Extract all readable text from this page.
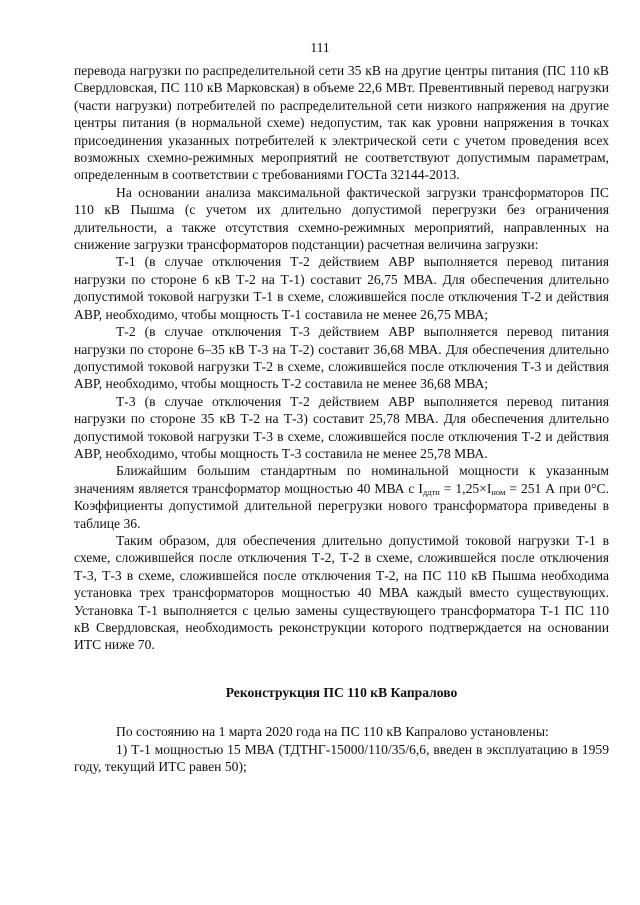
111

перевода нагрузки по распределительной сети 35 кВ на другие центры питания (ПС 110 кВ Свердловская, ПС 110 кВ Марковская) в объеме 22,6 МВт. Превентивный перевод нагрузки (части нагрузки) потребителей по распределительной сети низкого напряжения на другие центры питания (в нормальной схеме) недопустим, так как уровни напряжения в точках присоединения указанных потребителей к электрической сети с учетом проведения всех возможных схемно-режимных мероприятий не соответствуют допустимым параметрам, определенным в соответствии с требованиями ГОСТа 32144-2013.

На основании анализа максимальной фактической загрузки трансформаторов ПС 110 кВ Пышма (с учетом их длительно допустимой перегрузки без ограничения длительности, а также отсутствия схемно-режимных мероприятий, направленных на снижение загрузки трансформаторов подстанции) расчетная величина загрузки:

Т-1 (в случае отключения Т-2 действием АВР выполняется перевод питания нагрузки по стороне 6 кВ Т-2 на Т-1) составит 26,75 МВА. Для обеспечения длительно допустимой токовой нагрузки Т-1 в схеме, сложившейся после отключения Т-2 и действия АВР, необходимо, чтобы мощность Т-1 составила не менее 26,75 МВА;

Т-2 (в случае отключения Т-3 действием АВР выполняется перевод питания нагрузки по стороне 6–35 кВ Т-3 на Т-2) составит 36,68 МВА. Для обеспечения длительно допустимой токовой нагрузки Т-2 в схеме, сложившейся после отключения Т-3 и действия АВР, необходимо, чтобы мощность Т-2 составила не менее 36,68 МВА;

Т-3 (в случае отключения Т-2 действием АВР выполняется перевод питания нагрузки по стороне 35 кВ Т-2 на Т-3) составит 25,78 МВА. Для обеспечения длительно допустимой токовой нагрузки Т-3 в схеме, сложившейся после отключения Т-2 и действия АВР, необходимо, чтобы мощность Т-3 составила не менее 25,78 МВА.

Ближайшим большим стандартным по номинальной мощности к указанным значениям является трансформатор мощностью 40 МВА с $I_{ддтн} = 1,25\times I_{ном} = 251$ А при 0°С. Коэффициенты допустимой длительной перегрузки нового трансформатора приведены в таблице 36.

Таким образом, для обеспечения длительно допустимой токовой нагрузки Т-1 в схеме, сложившейся после отключения Т-2, Т-2 в схеме, сложившейся после отключения Т-3, Т-3 в схеме, сложившейся после отключения Т-2, на ПС 110 кВ Пышма необходима установка трех трансформаторов мощностью 40 МВА каждый вместо существующих. Установка Т-1 выполняется с целью замены существующего трансформатора Т-1 ПС 110 кВ Свердловская, необходимость реконструкции которого подтверждается на основании ИТС ниже 70.

Реконструкция ПС 110 кВ Капралово

По состоянию на 1 марта 2020 года на ПС 110 кВ Капралово установлены:

1) Т-1 мощностью 15 МВА (ТДТНГ-15000/110/35/6,6, введен в эксплуатацию в 1959 году, текущий ИТС равен 50);
